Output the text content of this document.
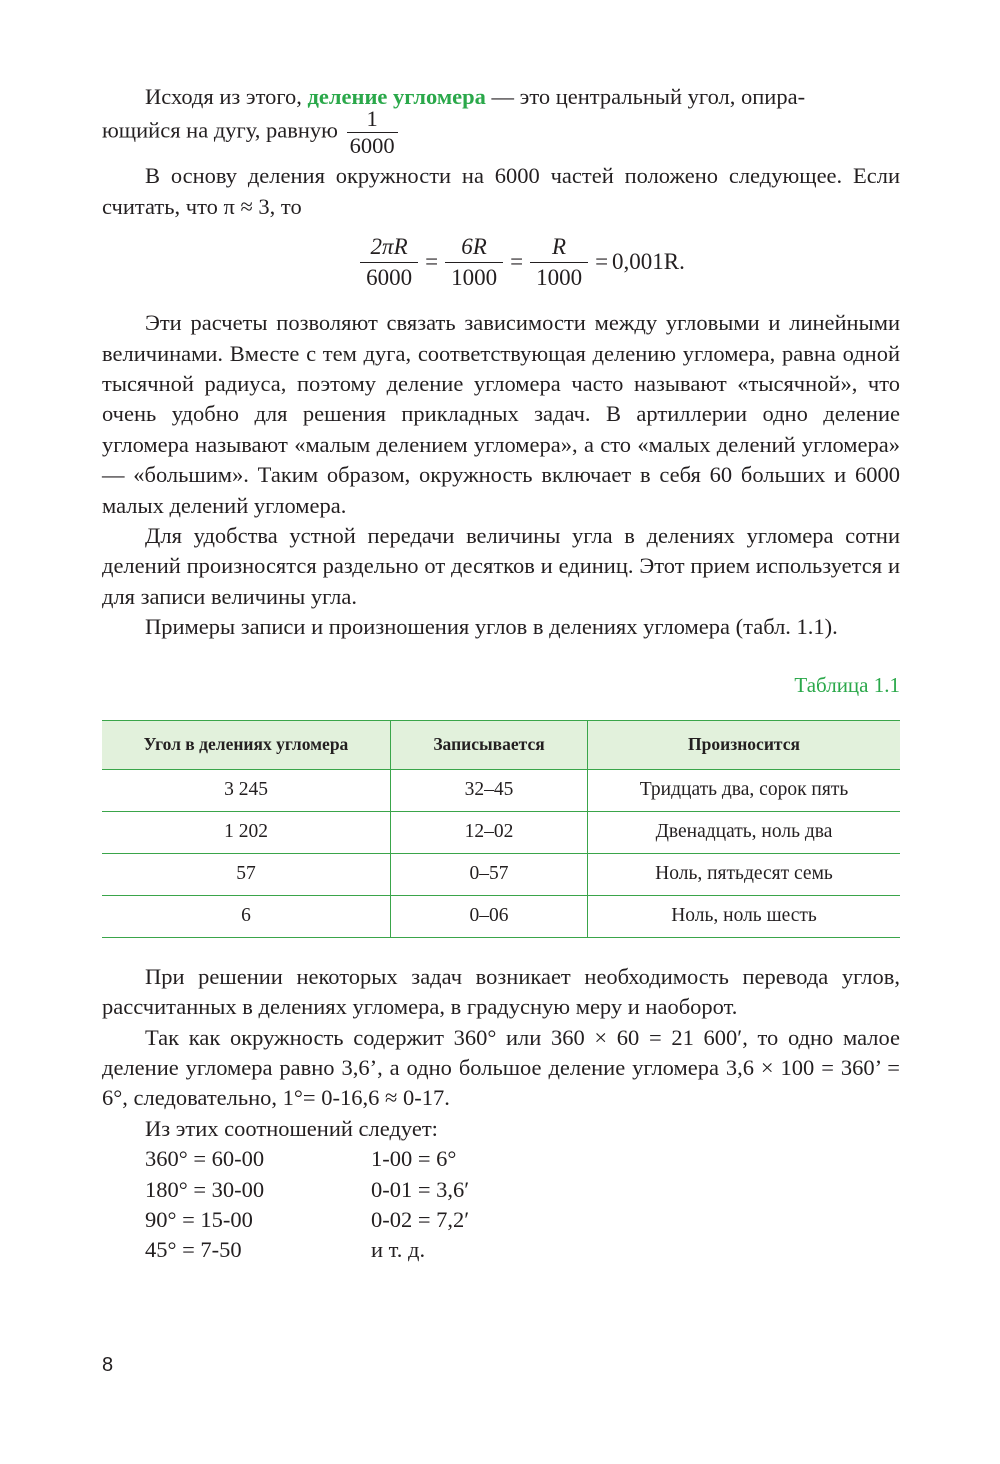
Исходя из этого, деление угломера — это центральный угол, опира-

ющийся на дугу, равную $\frac{1}{6000}$

В основу деления окружности на 6000 частей положено следующее. Если считать, что π ≈ 3, то

$\frac{2\pi R}{6000} = \frac{6R}{1000} = \frac{R}{1000} = 0,001R$.

Эти расчеты позволяют связать зависимости между угловыми и линейными величинами. Вместе с тем дуга, соответствующая делению угломера, равна одной тысячной радиуса, поэтому деление угломера часто называют «тысячной», что очень удобно для решения прикладных задач. В артиллерии одно деление угломера называют «малым делением угломера», а сто «малых делений угломера» — «большим». Таким образом, окружность включает в себя 60 больших и 6000 малых делений угломера.

Для удобства устной передачи величины угла в делениях угломера сотни делений произносятся раздельно от десятков и единиц. Этот прием используется и для записи величины угла.

Примеры записи и произношения углов в делениях угломера (табл. 1.1).

Таблица 1.1
Угол в делениях угломера	Записывается	Произносится
3 245	32–45	Тридцать два, сорок пять
1 202	12–02	Двенадцать, ноль два
57	0–57	Ноль, пятьдесят семь
6	0–06	Ноль, ноль шесть

При решении некоторых задач возникает необходимость перевода углов, рассчитанных в делениях угломера, в градусную меру и наоборот.

Так как окружность содержит 360° или 360 × 60 = 21 600′, то одно малое деление угломера равно 3,6’, а одно большое деление угломера 3,6 × 100 = 360’ = 6°, следовательно, 1°= 0-16,6 ≈ 0-17.

Из этих соотношений следует:

360° = 60-00	1-00 = 6°
180° = 30-00	0-01 = 3,6′
90° = 15-00	0-02 = 7,2′
45° = 7-50	и т. д.
8
